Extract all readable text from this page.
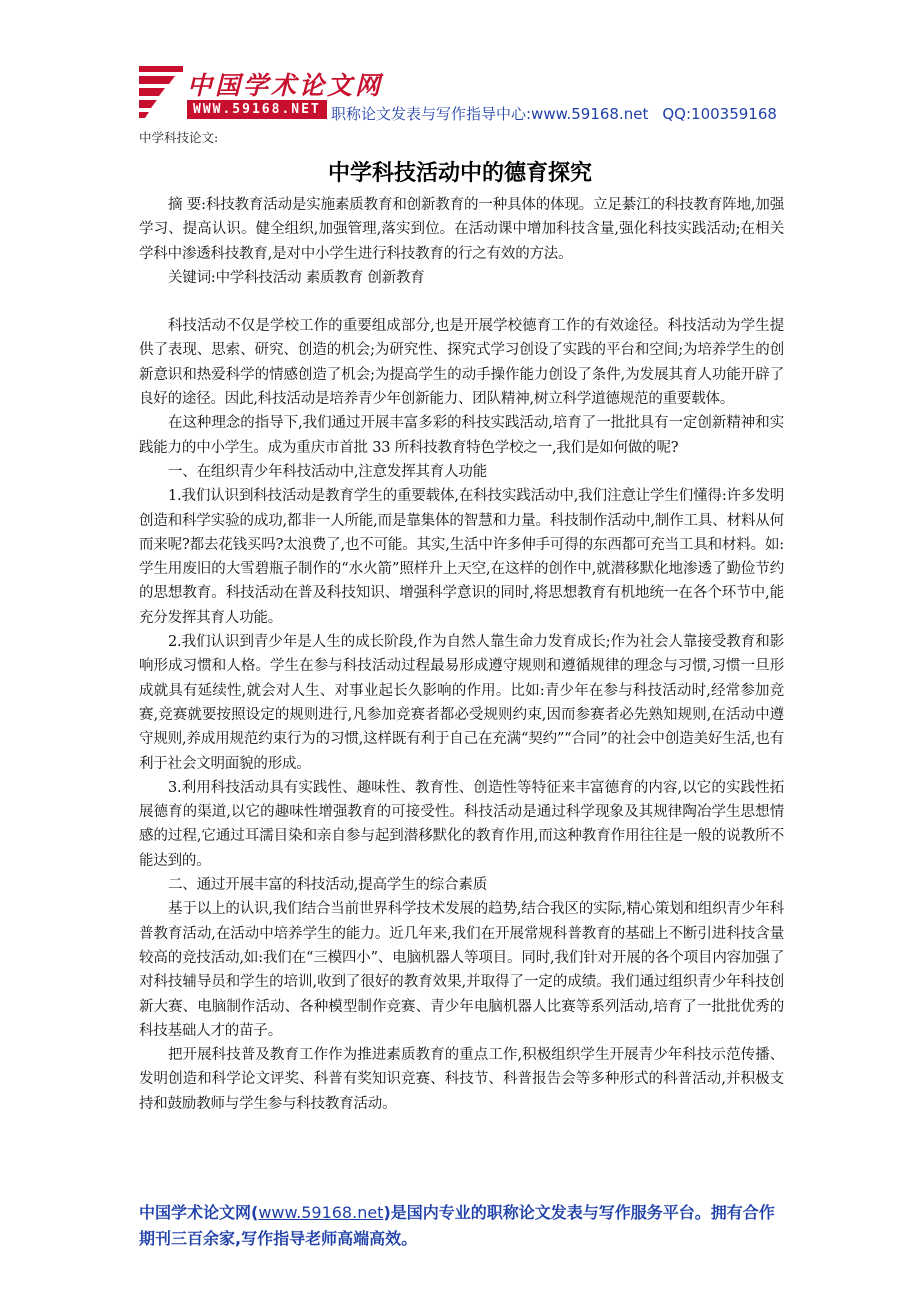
中国学术论文网
WWW.59168.NET 职称论文发表与写作指导中心:www.59168.net QQ:100359168
中学科技论文:
中学科技活动中的德育探究

摘 要:科技教育活动是实施素质教育和创新教育的一种具体的体现。立足綦江的科技教育阵地,加强学习、提高认识。健全组织,加强管理,落实到位。在活动课中增加科技含量,强化科技实践活动;在相关学科中渗透科技教育,是对中小学生进行科技教育的行之有效的方法。

关键词:中学科技活动 素质教育 创新教育

科技活动不仅是学校工作的重要组成部分,也是开展学校德育工作的有效途径。科技活动为学生提供了表现、思索、研究、创造的机会;为研究性、探究式学习创设了实践的平台和空间;为培养学生的创新意识和热爱科学的情感创造了机会;为提高学生的动手操作能力创设了条件,为发展其育人功能开辟了良好的途径。因此,科技活动是培养青少年创新能力、团队精神,树立科学道德规范的重要载体。

在这种理念的指导下,我们通过开展丰富多彩的科技实践活动,培育了一批批具有一定创新精神和实践能力的中小学生。成为重庆市首批 33 所科技教育特色学校之一,我们是如何做的呢?

一、在组织青少年科技活动中,注意发挥其育人功能

1.我们认识到科技活动是教育学生的重要载体,在科技实践活动中,我们注意让学生们懂得:许多发明创造和科学实验的成功,都非一人所能,而是靠集体的智慧和力量。科技制作活动中,制作工具、材料从何而来呢?都去花钱买吗?太浪费了,也不可能。其实,生活中许多伸手可得的东西都可充当工具和材料。如:学生用废旧的大雪碧瓶子制作的“水火箭”照样升上天空,在这样的创作中,就潜移默化地渗透了勤俭节约的思想教育。科技活动在普及科技知识、增强科学意识的同时,将思想教育有机地统一在各个环节中,能充分发挥其育人功能。

2.我们认识到青少年是人生的成长阶段,作为自然人靠生命力发育成长;作为社会人靠接受教育和影响形成习惯和人格。学生在参与科技活动过程最易形成遵守规则和遵循规律的理念与习惯,习惯一旦形成就具有延续性,就会对人生、对事业起长久影响的作用。比如:青少年在参与科技活动时,经常参加竞赛,竞赛就要按照设定的规则进行,凡参加竞赛者都必受规则约束,因而参赛者必先熟知规则,在活动中遵守规则,养成用规范约束行为的习惯,这样既有利于自己在充满“契约”“合同”的社会中创造美好生活,也有利于社会文明面貌的形成。

3.利用科技活动具有实践性、趣味性、教育性、创造性等特征来丰富德育的内容,以它的实践性拓展德育的渠道,以它的趣味性增强教育的可接受性。科技活动是通过科学现象及其规律陶冶学生思想情感的过程,它通过耳濡目染和亲自参与起到潜移默化的教育作用,而这种教育作用往往是一般的说教所不能达到的。

二、通过开展丰富的科技活动,提高学生的综合素质

基于以上的认识,我们结合当前世界科学技术发展的趋势,结合我区的实际,精心策划和组织青少年科普教育活动,在活动中培养学生的能力。近几年来,我们在开展常规科普教育的基础上不断引进科技含量较高的竞技活动,如:我们在“三模四小”、电脑机器人等项目。同时,我们针对开展的各个项目内容加强了对科技辅导员和学生的培训,收到了很好的教育效果,并取得了一定的成绩。我们通过组织青少年科技创新大赛、电脑制作活动、各种模型制作竞赛、青少年电脑机器人比赛等系列活动,培育了一批批优秀的科技基础人才的苗子。

把开展科技普及教育工作作为推进素质教育的重点工作,积极组织学生开展青少年科技示范传播、发明创造和科学论文评奖、科普有奖知识竞赛、科技节、科普报告会等多种形式的科普活动,并积极支持和鼓励教师与学生参与科技教育活动。

中国学术论文网(www.59168.net)是国内专业的职称论文发表与写作服务平台。拥有合作期刊三百余家,写作指导老师高端高效。
